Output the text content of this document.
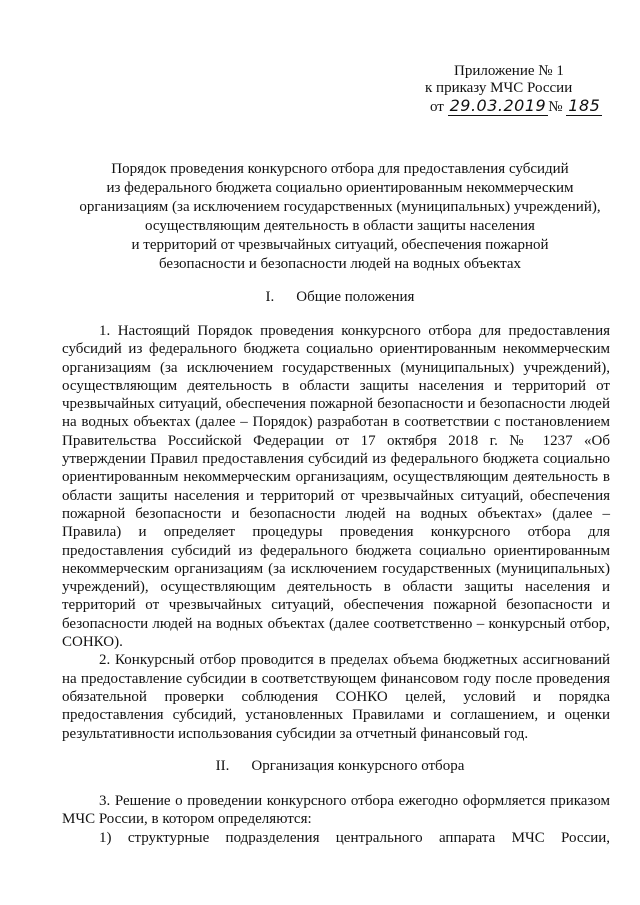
Приложение № 1
к приказу МЧС России
от 29.03.2019 № 185
Порядок проведения конкурсного отбора для предоставления субсидий
из федерального бюджета социально ориентированным некоммерческим
организациям (за исключением государственных (муниципальных) учреждений),
осуществляющим деятельность в области защиты населения
и территорий от чрезвычайных ситуаций, обеспечения пожарной
безопасности и безопасности людей на водных объектах
I. Общие положения
1. Настоящий Порядок проведения конкурсного отбора для предоставления субсидий из федерального бюджета социально ориентированным некоммерческим организациям (за исключением государственных (муниципальных) учреждений), осуществляющим деятельность в области защиты населения и территорий от чрезвычайных ситуаций, обеспечения пожарной безопасности и безопасности людей на водных объектах (далее – Порядок) разработан в соответствии с постановлением Правительства Российской Федерации от 17 октября 2018 г. № 1237 «Об утверждении Правил предоставления субсидий из федерального бюджета социально ориентированным некоммерческим организациям, осуществляющим деятельность в области защиты населения и территорий от чрезвычайных ситуаций, обеспечения пожарной безопасности и безопасности людей на водных объектах» (далее – Правила) и определяет процедуры проведения конкурсного отбора для предоставления субсидий из федерального бюджета социально ориентированным некоммерческим организациям (за исключением государственных (муниципальных) учреждений), осуществляющим деятельность в области защиты населения и территорий от чрезвычайных ситуаций, обеспечения пожарной безопасности и безопасности людей на водных объектах (далее соответственно – конкурсный отбор, СОНКО).
2. Конкурсный отбор проводится в пределах объема бюджетных ассигнований на предоставление субсидии в соответствующем финансовом году после проведения обязательной проверки соблюдения СОНКО целей, условий и порядка предоставления субсидий, установленных Правилами и соглашением, и оценки результативности использования субсидии за отчетный финансовый год.
II. Организация конкурсного отбора
3. Решение о проведении конкурсного отбора ежегодно оформляется приказом МЧС России, в котором определяются:
1) структурные подразделения центрального аппарата МЧС России,
